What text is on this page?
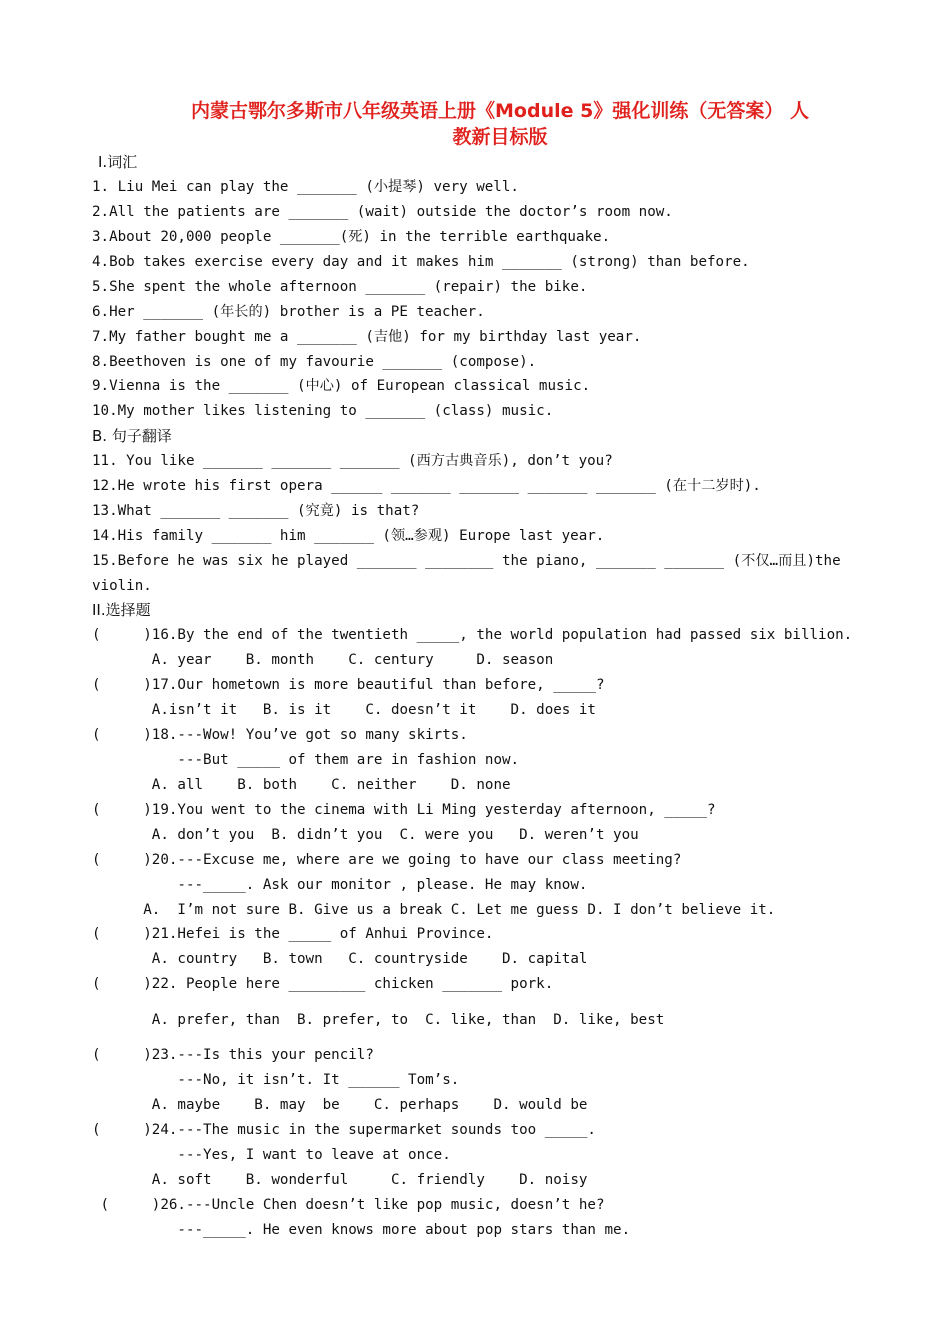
内蒙古鄂尔多斯市八年级英语上册《Module 5》强化训练（无答案） 人
教新目标版
I.词汇
1. Liu Mei can play the _______ (小提琴) very well.
2.All the patients are _______ (wait) outside the doctor’s room now.
3.About 20,000 people _______(死) in the terrible earthquake.
4.Bob takes exercise every day and it makes him _______ (strong) than before.
5.She spent the whole afternoon _______ (repair) the bike.
6.Her _______ (年长的) brother is a PE teacher.
7.My father bought me a _______ (吉他) for my birthday last year.
8.Beethoven is one of my favourie _______ (compose).
9.Vienna is the _______ (中心) of European classical music.
10.My mother likes listening to _______ (class) music.
B. 句子翻译
11. You like _______ _______ _______ (西方古典音乐), don’t you?
12.He wrote his first opera ______ _______ _______ _______ _______ (在十二岁时).
13.What _______ _______ (究竟) is that?
14.His family _______ him _______ (领…参观) Europe last year.
15.Before he was six he played _______ ________ the piano, _______ _______ (不仅…而且)the
violin.
II.选择题
(     )16.By the end of the twentieth _____, the world population had passed six billion.
A. year    B. month    C. century     D. season
(     )17.Our hometown is more beautiful than before, _____?
A.isn’t it   B. is it    C. doesn’t it    D. does it
(     )18.---Wow! You’ve got so many skirts.
---But _____ of them are in fashion now.
A. all    B. both    C. neither    D. none
(     )19.You went to the cinema with Li Ming yesterday afternoon, _____?
A. don’t you  B. didn’t you  C. were you   D. weren’t you
(     )20.---Excuse me, where are we going to have our class meeting?
---_____. Ask our monitor , please. He may know.
A.  I’m not sure B. Give us a break C. Let me guess D. I don’t believe it.
(     )21.Hefei is the _____ of Anhui Province.
A. country   B. town   C. countryside    D. capital
(     )22. People here _________ chicken _______ pork.
A. prefer, than  B. prefer, to  C. like, than  D. like, best
(     )23.---Is this your pencil?
---No, it isn’t. It ______ Tom’s.
A. maybe    B. may  be    C. perhaps    D. would be
(     )24.---The music in the supermarket sounds too _____.
---Yes, I want to leave at once.
A. soft    B. wonderful     C. friendly    D. noisy
(     )26.---Uncle Chen doesn’t like pop music, doesn’t he?
---_____. He even knows more about pop stars than me.
